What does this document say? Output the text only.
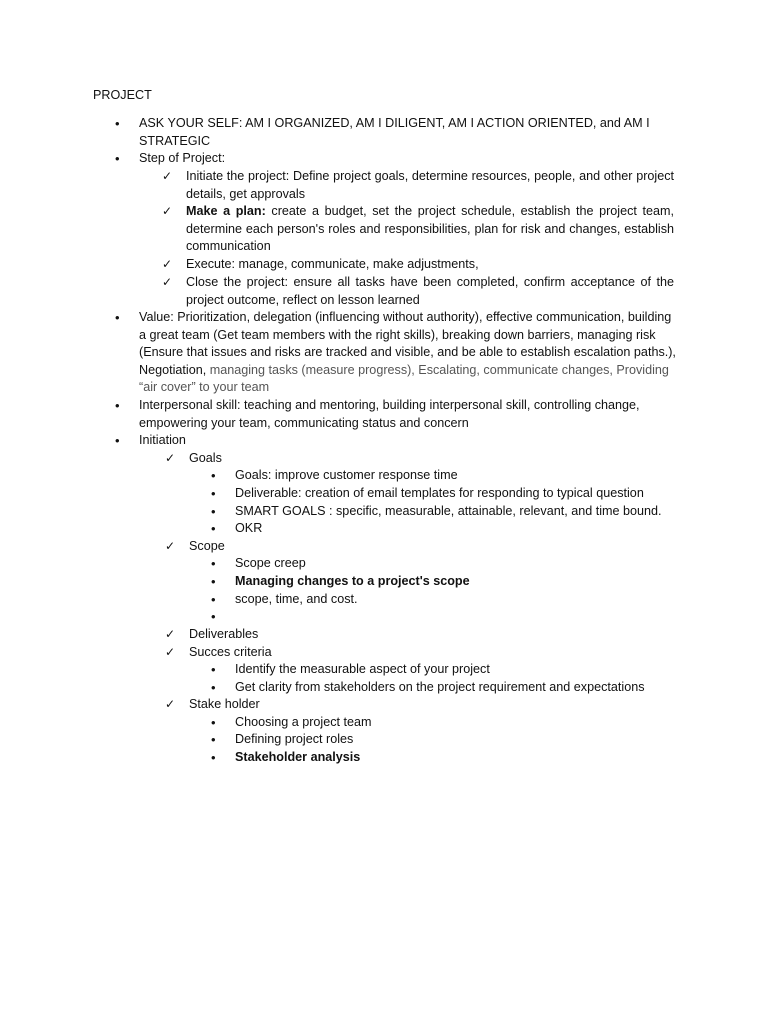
PROJECT
• ASK YOUR SELF: AM I ORGANIZED, AM I DILIGENT, AM I ACTION ORIENTED, and AM I STRATEGIC
• Step of Project:
✓ Initiate the project: Define project goals, determine resources, people, and other project details, get approvals
✓ Make a plan: create a budget, set the project schedule, establish the project team, determine each person's roles and responsibilities, plan for risk and changes, establish communication
✓ Execute: manage, communicate, make adjustments,
✓ Close the project: ensure all tasks have been completed, confirm acceptance of the project outcome, reflect on lesson learned
• Value: Prioritization, delegation (influencing without authority), effective communication, building a great team (Get team members with the right skills), breaking down barriers, managing risk (Ensure that issues and risks are tracked and visible, and be able to establish escalation paths.), Negotiation, managing tasks (measure progress), Escalating, communicate changes, Providing “air cover” to your team
• Interpersonal skill: teaching and mentoring, building interpersonal skill, controlling change, empowering your team, communicating status and concern
• Initiation
✓ Goals
• Goals: improve customer response time
• Deliverable: creation of email templates for responding to typical question
• SMART GOALS : specific, measurable, attainable, relevant, and time bound.
• OKR
✓ Scope
• Scope creep
• Managing changes to a project's scope
• scope, time, and cost.
•
✓ Deliverables
✓ Succes criteria
• Identify the measurable aspect of your project
• Get clarity from stakeholders on the project requirement and expectations
✓ Stake holder
• Choosing a project team
• Defining project roles
• Stakeholder analysis
